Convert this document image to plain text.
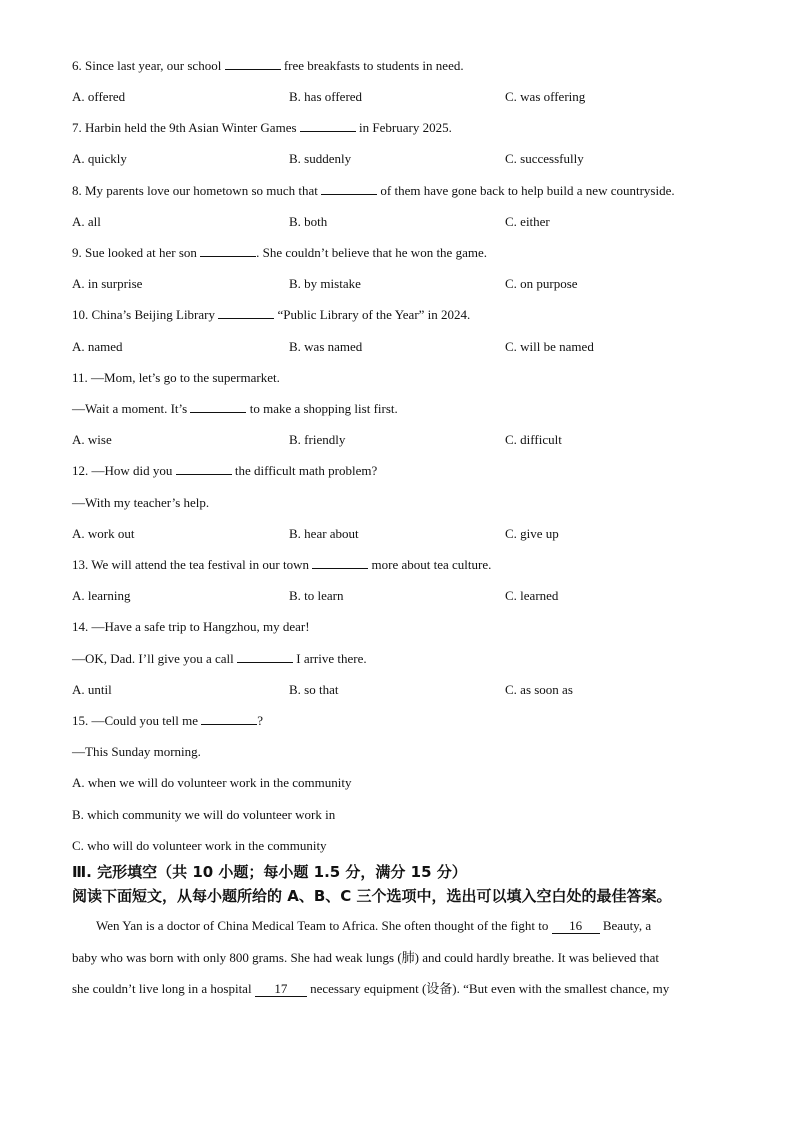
6. Since last year, our school	free breakfasts to students in need.
A. offered	B. has offered	C. was offering
7. Harbin held the 9th Asian Winter Games	in February 2025.
A. quickly	B. suddenly	C. successfully
8. My parents love our hometown so much that	of them have gone back to help build a new countryside.
A. all	B. both	C. either
9. Sue looked at her son	. She couldn’t believe that he won the game.
A. in surprise	B. by mistake	C. on purpose
10. China’s Beijing Library	“Public Library of the Year” in 2024.
A. named	B. was named	C. will be named
11. —Mom, let’s go to the supermarket.
—Wait a moment. It’s	to make a shopping list first.
A. wise	B. friendly	C. difficult
12. —How did you	the difficult math problem?
—With my teacher’s help.
A. work out	B. hear about	C. give up
13. We will attend the tea festival in our town	more about tea culture.
A. learning	B. to learn	C. learned
14. —Have a safe trip to Hangzhou, my dear!
—OK, Dad. I’ll give you a call	I arrive there.
A. until	B. so that	C. as soon as
15. —Could you tell me	?
—This Sunday morning.
A. when we will do volunteer work in the community
B. which community we will do volunteer work in
C. who will do volunteer work in the community
Ⅲ. 完形填空（共 10 小题；每小题 1.5 分，满分 15 分）
阅读下面短文，从每小题所给的 A、B、C 三个选项中，选出可以填入空白处的最佳答案。
Wen Yan is a doctor of China Medical Team to Africa. She often thought of the fight to 16 Beauty, a
baby who was born with only 800 grams. She had weak lungs (肺) and could hardly breathe. It was believed that
she couldn’t live long in a hospital 17 necessary equipment (设备). “But even with the smallest chance, my
